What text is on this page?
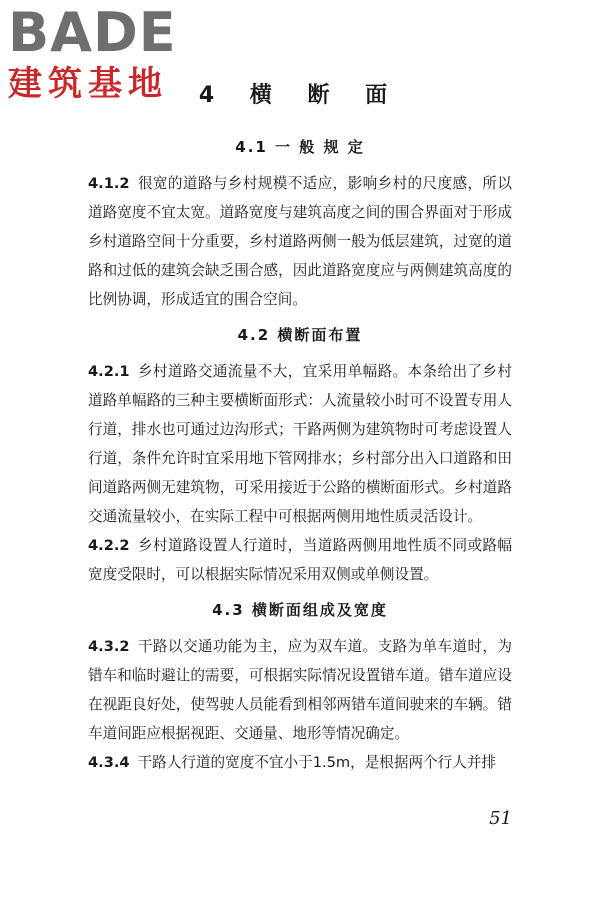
BADE
建筑基地	4 横 断 面
4.1 一 般 规 定

4.1.2 很宽的道路与乡村规模不适应，影响乡村的尺度感，所以道路宽度不宜太宽。道路宽度与建筑高度之间的围合界面对于形成乡村道路空间十分重要，乡村道路两侧一般为低层建筑，过宽的道路和过低的建筑会缺乏围合感，因此道路宽度应与两侧建筑高度的比例协调，形成适宜的围合空间。

4.2 横断面布置

4.2.1 乡村道路交通流量不大，宜采用单幅路。本条给出了乡村道路单幅路的三种主要横断面形式：人流量较小时可不设置专用人行道，排水也可通过边沟形式；干路两侧为建筑物时可考虑设置人行道，条件允许时宜采用地下管网排水；乡村部分出入口道路和田间道路两侧无建筑物，可采用接近于公路的横断面形式。乡村道路交通流量较小，在实际工程中可根据两侧用地性质灵活设计。

4.2.2 乡村道路设置人行道时，当道路两侧用地性质不同或路幅宽度受限时，可以根据实际情况采用双侧或单侧设置。

4.3 横断面组成及宽度

4.3.2 干路以交通功能为主，应为双车道。支路为单车道时，为错车和临时避让的需要，可根据实际情况设置错车道。错车道应设在视距良好处，使驾驶人员能看到相邻两错车道间驶来的车辆。错车道间距应根据视距、交通量、地形等情况确定。

4.3.4 干路人行道的宽度不宜小于1.5m，是根据两个行人并排

51
